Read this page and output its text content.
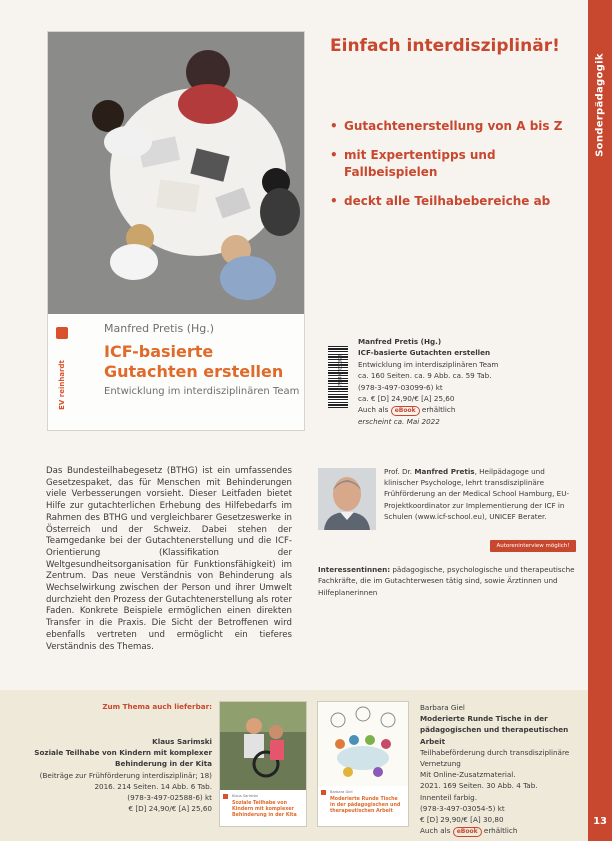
Sonderpädagogik
13
EV reinhardt
Manfred Pretis (Hg.)
ICF-basierte Gutachten erstellen
Entwicklung im interdisziplinären Team
Einfach interdisziplinär!
• Gutachtenerstellung von A bis Z
• mit Expertentipps und Fallbeispielen
• deckt alle Teilhabebereiche ab
9 783497 030998
Manfred Pretis (Hg.)
ICF-basierte Gutachten erstellen
Entwicklung im interdisziplinären Team
ca. 160 Seiten. ca. 9 Abb. ca. 59 Tab.
(978-3-497-03099-6) kt
ca. € [D] 24,90/€ [A] 25,60
Auch als eBook erhältlich
erscheint ca. Mai 2022
Das Bundesteilhabegesetz (BTHG) ist ein umfassendes Gesetzespaket, das für Menschen mit Behinderungen viele Verbesserungen vorsieht. Dieser Leitfaden bietet Hilfe zur gutachterlichen Erhebung des Hilfebedarfs im Rahmen des BTHG und vergleichbarer Gesetzeswerke in Österreich und der Schweiz. Dabei stehen der Teamgedanke bei der Gutachtenerstellung und die ICF-Orientierung (Klassifikation der Weltgesundheitsorganisation für Funktionsfähigkeit) im Zentrum. Das neue Verständnis von Behinderung als Wechselwirkung zwischen der Person und ihrer Umwelt durchzieht den Prozess der Gutachtenerstellung als roter Faden. Konkrete Beispiele ermöglichen einen direkten Transfer in die Praxis. Die Sicht der Betroffenen wird ebenfalls vertreten und ermöglicht ein tieferes Verständnis des Themas.
Prof. Dr. Manfred Pretis, Heilpädagoge und klinischer Psychologe, lehrt transdisziplinäre Frühförderung an der Medical School Hamburg, EU-Projektkoordinator zur Implementierung der ICF in Schulen (www.icf-school.eu), UNICEF Berater.
Autoreninterview möglich!
Interessentinnen: pädagogische, psychologische und therapeutische Fachkräfte, die im Gutachterwesen tätig sind, sowie Ärztinnen und Hilfeplanerinnen
Zum Thema auch lieferbar:
Klaus Sarimski
Soziale Teilhabe von Kindern mit komplexer Behinderung in der Kita
(Beiträge zur Frühförderung interdisziplinär; 18)
2016. 214 Seiten. 14 Abb. 6 Tab.
(978-3-497-02588-6) kt
€ [D] 24,90/€ [A] 25,60
Klaus Sarimski
Soziale Teilhabe von Kindern mit komplexer Behinderung in der Kita
Barbara Giel
Moderierte Runde Tische in der pädagogischen und therapeutischen Arbeit
Barbara Giel
Moderierte Runde Tische in der pädagogischen und therapeutischen Arbeit
Teilhabeförderung durch transdisziplinäre Vernetzung
Mit Online-Zusatzmaterial.
2021. 169 Seiten. 30 Abb. 4 Tab.
Innenteil farbig.
(978-3-497-03054-5) kt
€ [D] 29,90/€ [A] 30,80
Auch als eBook erhältlich
